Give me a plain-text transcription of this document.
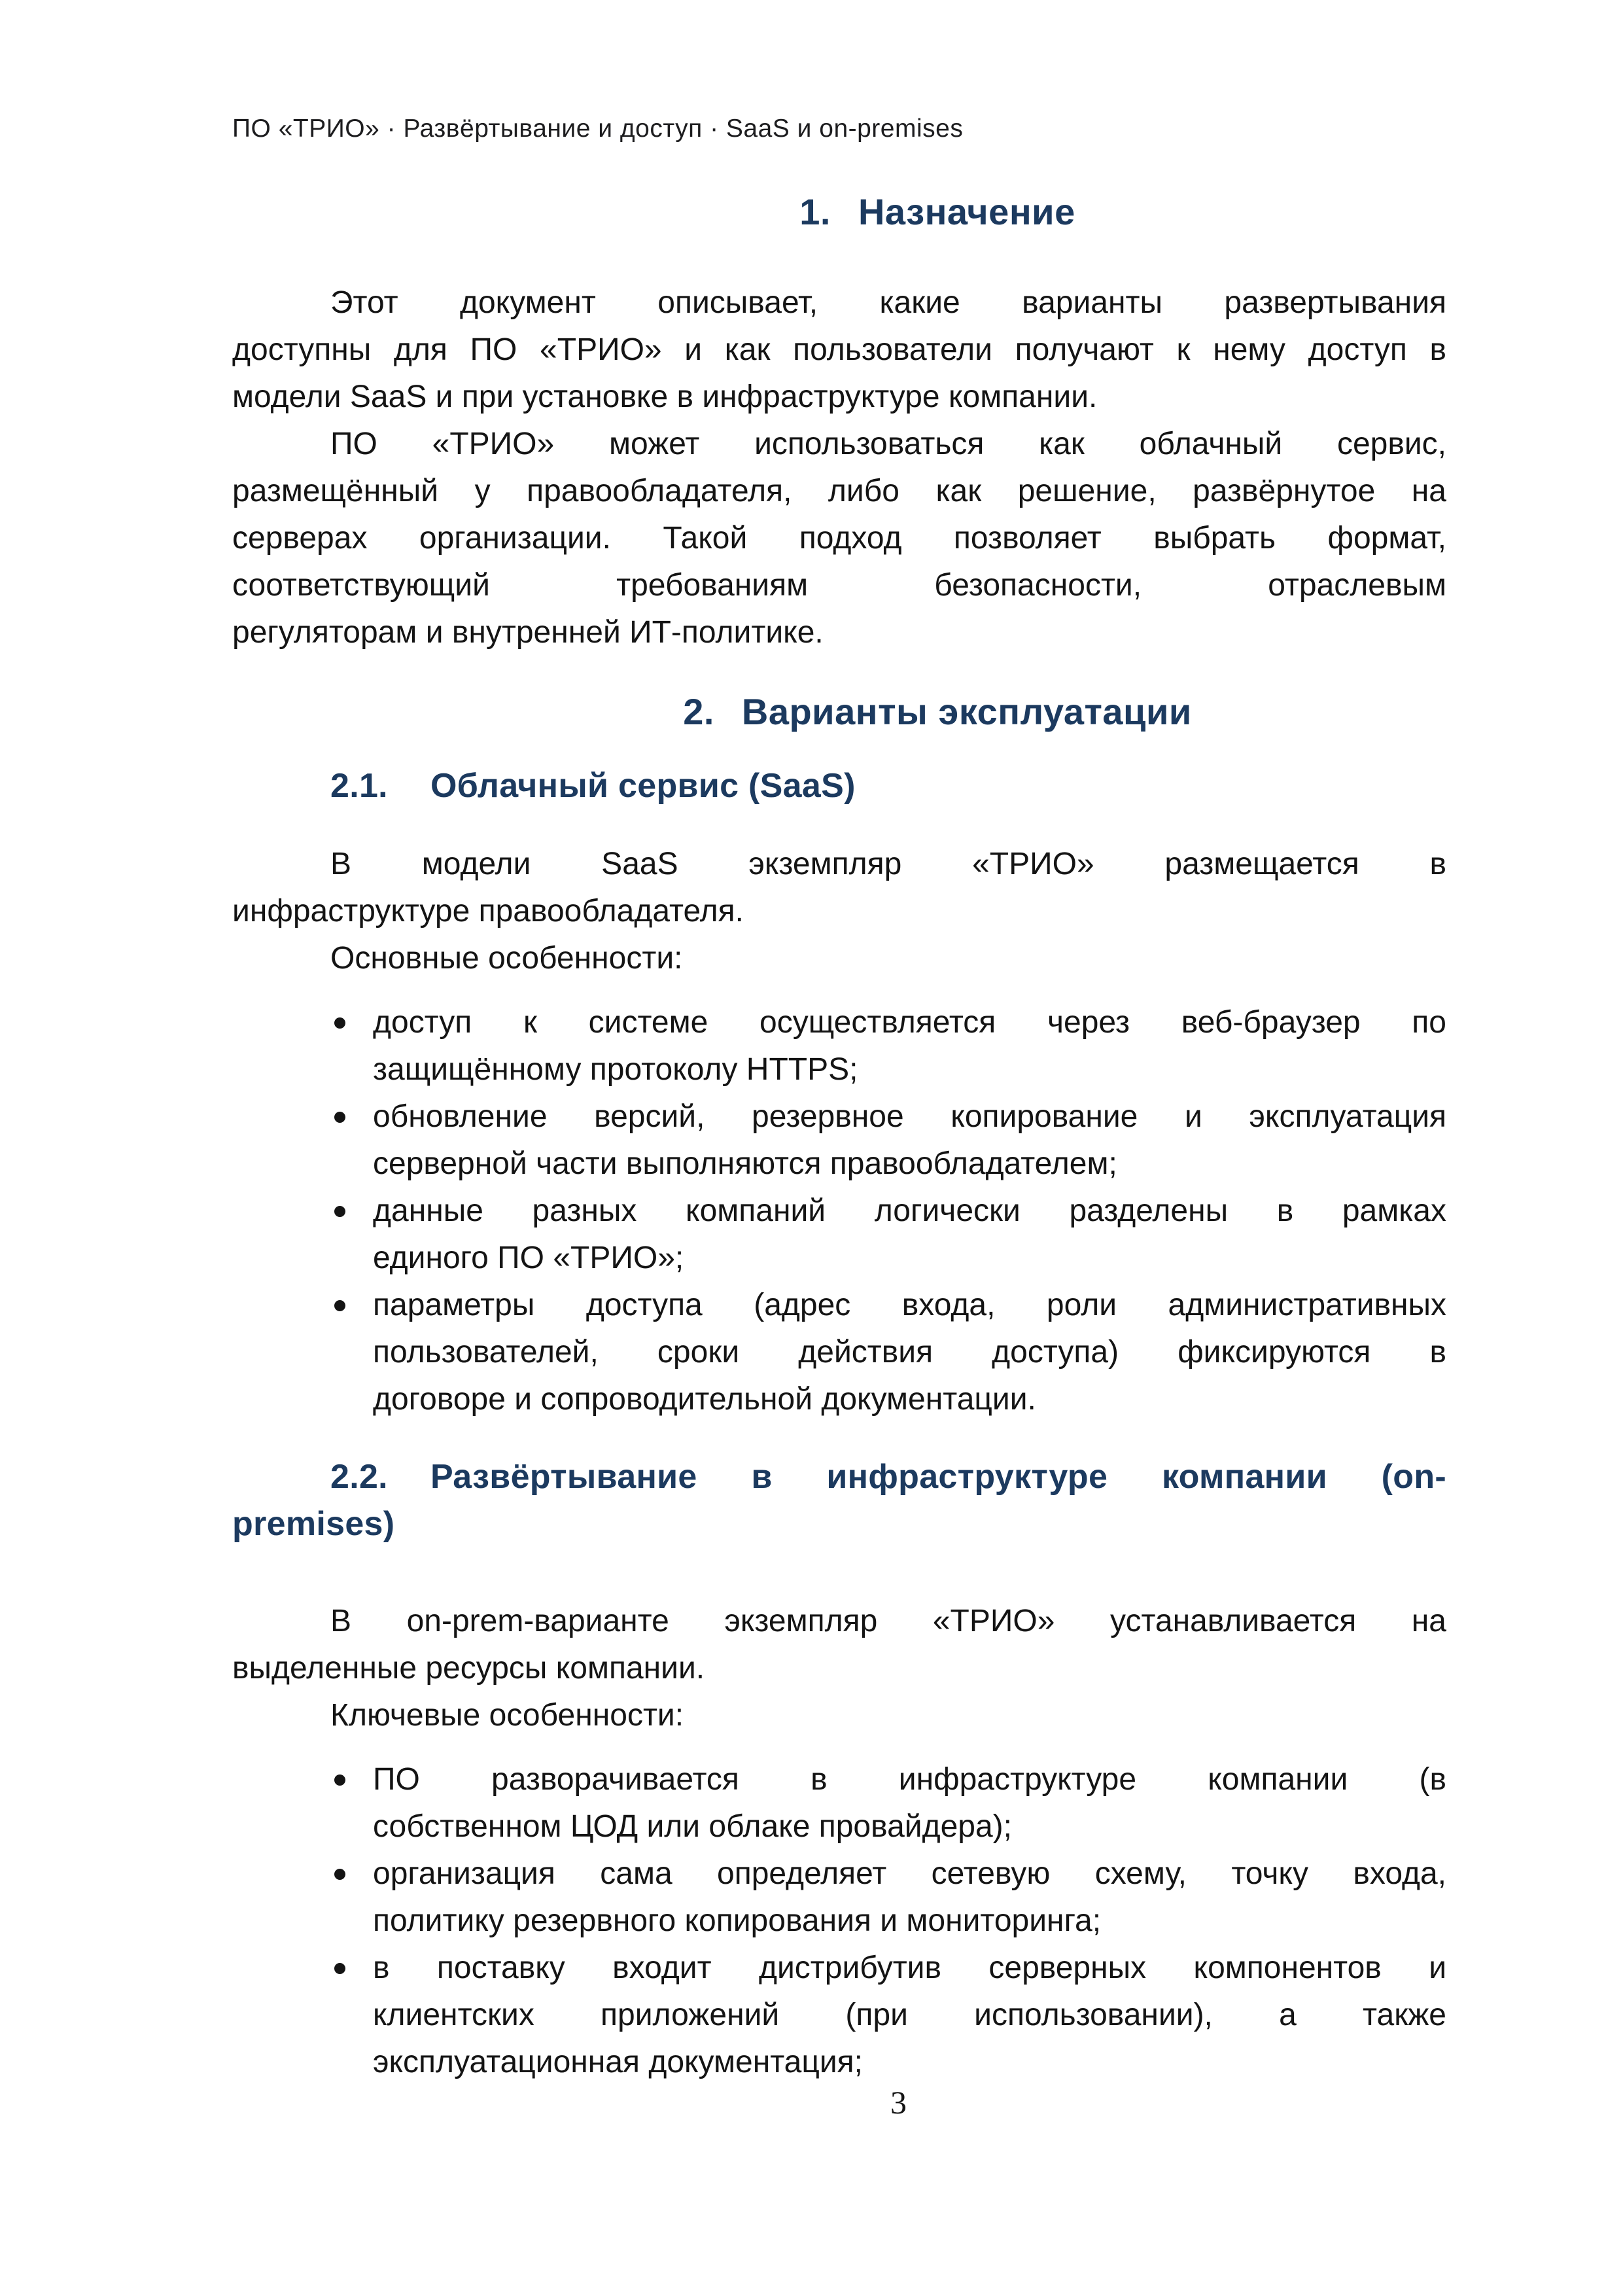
ПО «ТРИО» · Развёртывание и доступ · SaaS и on-premises
1. Назначение
Этот документ описывает, какие варианты развертывания
доступны для ПО «ТРИО» и как пользователи получают к нему доступ в
модели SaaS и при установке в инфраструктуре компании.
ПО «ТРИО» может использоваться как облачный сервис,
размещённый у правообладателя, либо как решение, развёрнутое на
серверах организации. Такой подход позволяет выбрать формат,
соответствующий требованиям безопасности, отраслевым
регуляторам и внутренней ИТ-политике.
2. Варианты эксплуатации
2.1. Облачный сервис (SaaS)
В модели SaaS экземпляр «ТРИО» размещается в
инфраструктуре правообладателя.
Основные особенности:
доступ к системе осуществляется через веб-браузер по
защищённому протоколу HTTPS;
обновление версий, резервное копирование и эксплуатация
серверной части выполняются правообладателем;
данные разных компаний логически разделены в рамках
единого ПО «ТРИО»;
параметры доступа (адрес входа, роли административных
пользователей, сроки действия доступа) фиксируются в
договоре и сопроводительной документации.
2.2. Развёртывание в инфраструктуре компании (on-
premises)
В on-prem-варианте экземпляр «ТРИО» устанавливается на
выделенные ресурсы компании.
Ключевые особенности:
ПО разворачивается в инфраструктуре компании (в
собственном ЦОД или облаке провайдера);
организация сама определяет сетевую схему, точку входа,
политику резервного копирования и мониторинга;
в поставку входит дистрибутив серверных компонентов и
клиентских приложений (при использовании), а также
эксплуатационная документация;
3
